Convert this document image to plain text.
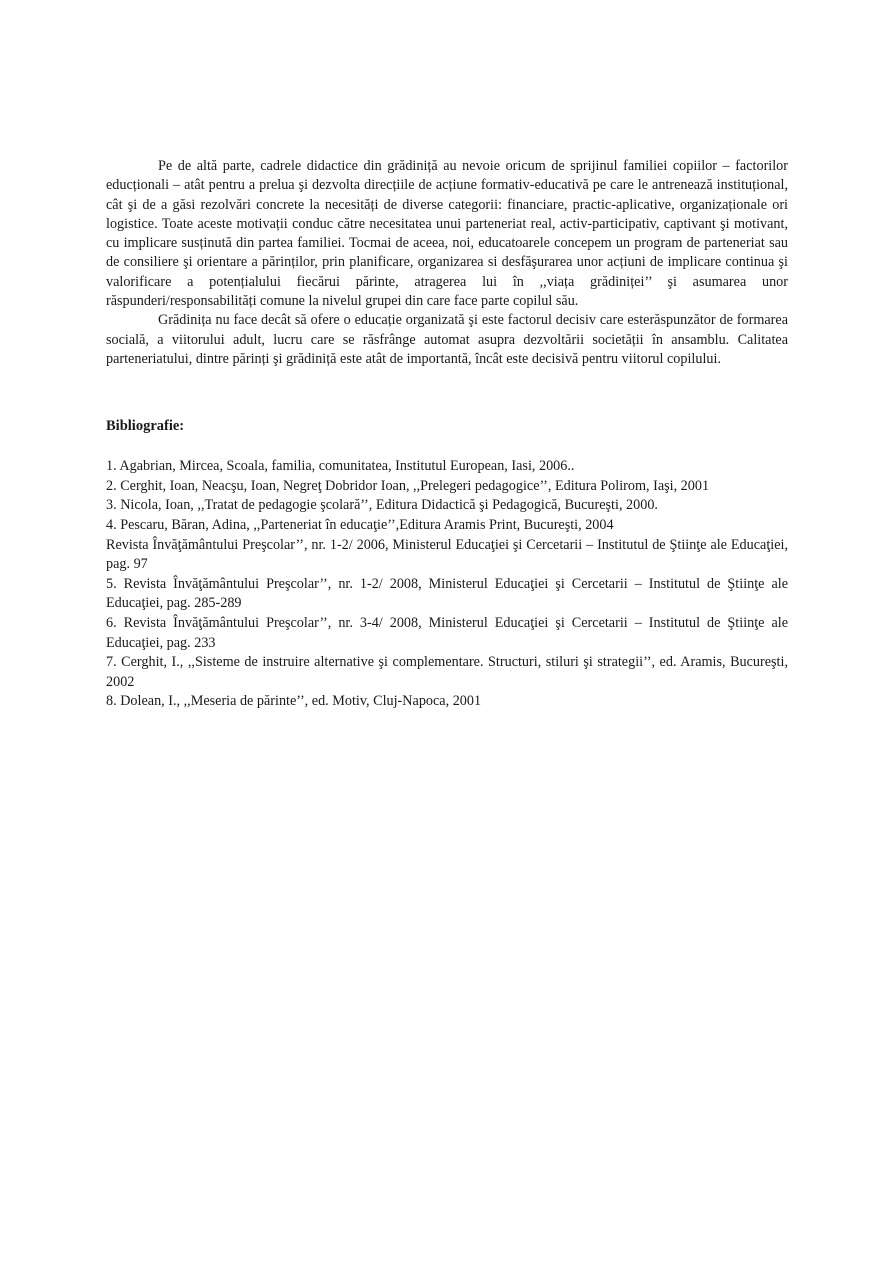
Pe de altă parte, cadrele didactice din grădiniță au nevoie oricum de sprijinul familiei copiilor – factorilor educționali – atât pentru a prelua şi dezvolta direcțiile de acțiune formativ-educativă pe care le antrenează instituțional, cât şi de a găsi rezolvări concrete la necesități de diverse categorii: financiare, practic-aplicative, organizaționale ori logistice. Toate aceste motivații conduc către necesitatea unui parteneriat real, activ-participativ, captivant şi motivant, cu implicare susținută din partea familiei. Tocmai de aceea, noi, educatoarele concepem un program de parteneriat sau de consiliere şi orientare a părinților, prin planificare, organizarea si desfăşurarea unor acțiuni de implicare continua şi valorificare a potențialului fiecărui părinte, atragerea lui în ,,viața grădiniței’’ şi asumarea unor răspunderi/responsabilități comune la nivelul grupei din care face parte copilul său.

Grădinița nu face decât să ofere o educație organizată şi este factorul decisiv care esterăspunzător de formarea socială, a viitorului adult, lucru care se răsfrânge automat asupra dezvoltării societății în ansamblu. Calitatea parteneriatului, dintre părinți şi grădiniță este atât de importantă, încât este decisivă pentru viitorul copilului.

Bibliografie:
1. Agabrian, Mircea, Scoala, familia, comunitatea, Institutul European, Iasi, 2006..
2. Cerghit, Ioan, Neacşu, Ioan, Negreţ Dobridor Ioan, ,,Prelegeri pedagogice’’, Editura Polirom, Iaşi, 2001
3. Nicola, Ioan, ,,Tratat de pedagogie şcolară’’, Editura Didactică şi Pedagogică, Bucureşti, 2000.
4. Pescaru, Băran, Adina, ,,Parteneriat în educaţie’’,Editura Aramis Print, Bucureşti, 2004
Revista Învăţământului Preşcolar’’, nr. 1-2/ 2006, Ministerul Educaţiei şi Cercetarii – Institutul de Ştiinţe ale Educaţiei, pag. 97
5. Revista Învăţământului Preşcolar’’, nr. 1-2/ 2008, Ministerul Educaţiei şi Cercetarii – Institutul de Ştiinţe ale Educaţiei, pag. 285-289
6. Revista Învăţământului Preşcolar’’, nr. 3-4/ 2008, Ministerul Educaţiei şi Cercetarii – Institutul de Ştiinţe ale Educaţiei, pag. 233
7. Cerghit, I., ,,Sisteme de instruire alternative şi complementare. Structuri, stiluri şi strategii’’, ed. Aramis, Bucureşti, 2002
8. Dolean, I., ,,Meseria de părinte’’, ed. Motiv, Cluj-Napoca, 2001
